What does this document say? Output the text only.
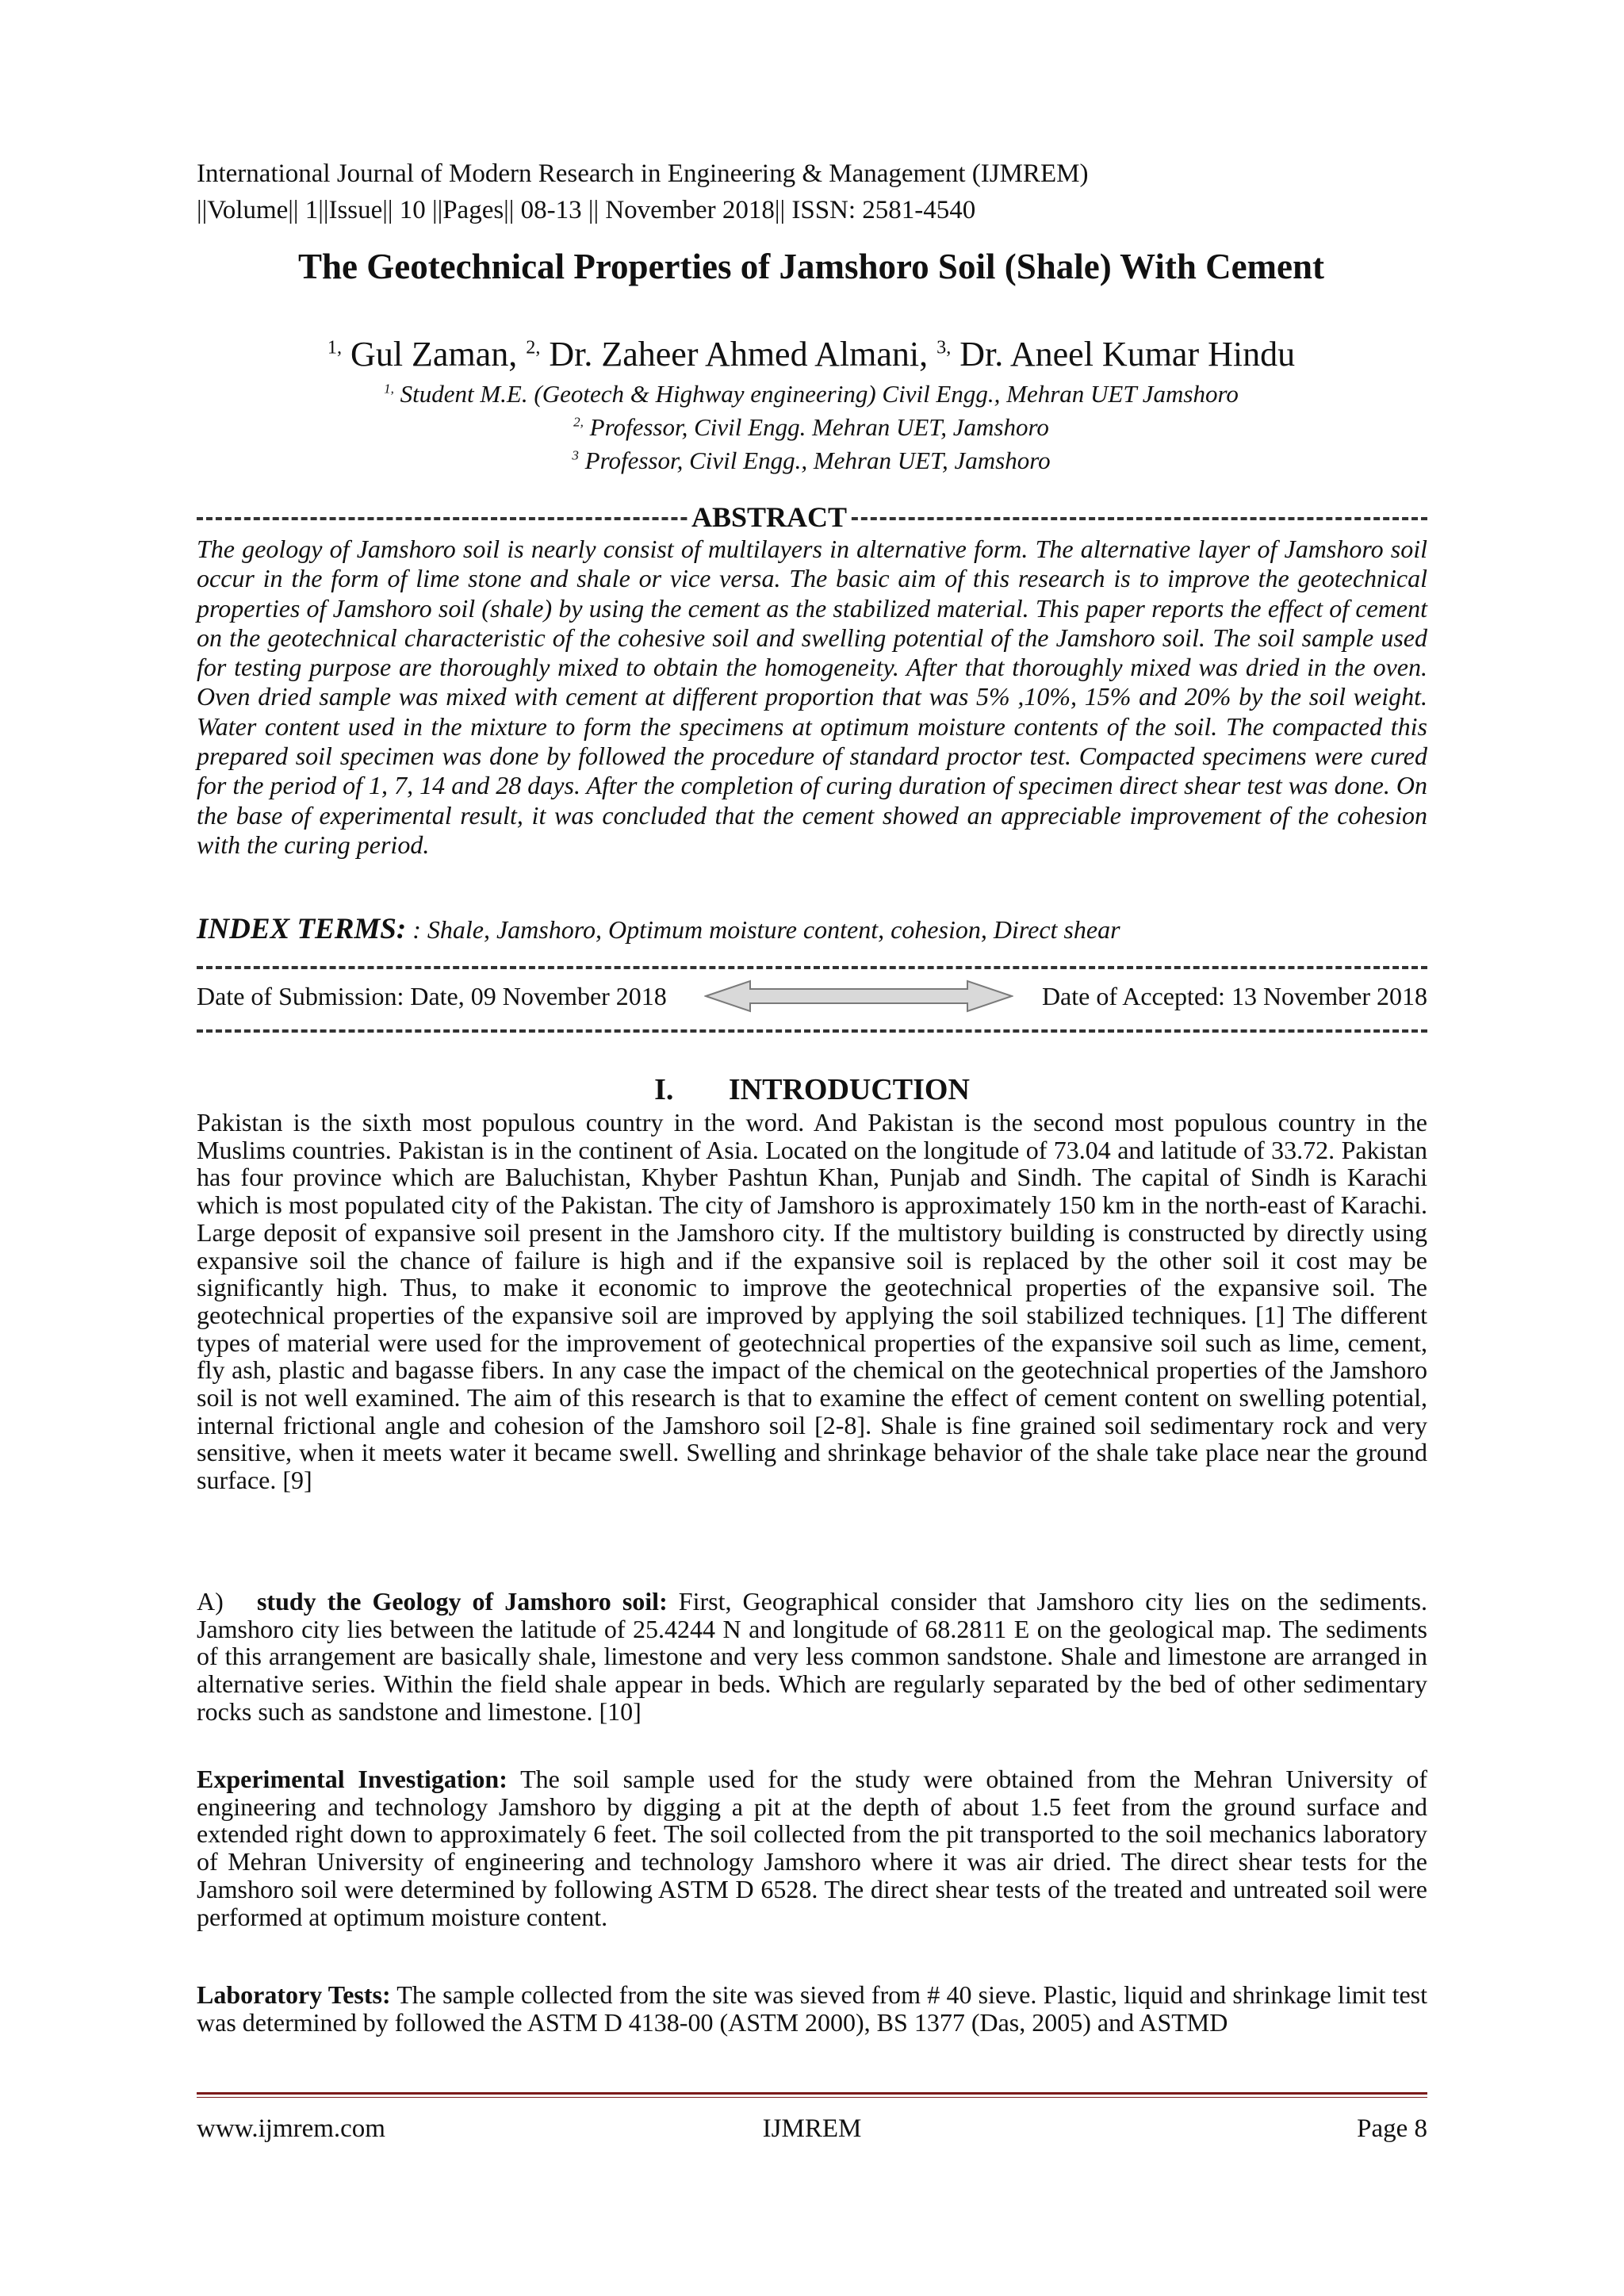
International Journal of Modern Research in Engineering & Management (IJMREM)
||Volume|| 1||Issue|| 10 ||Pages|| 08-13 || November 2018|| ISSN: 2581-4540
The Geotechnical Properties of Jamshoro Soil (Shale) With Cement
$^{1,}$ Gul Zaman, $^{2,}$ Dr. Zaheer Ahmed Almani, $^{3,}$ Dr. Aneel Kumar Hindu
$^{1,}$ Student M.E. (Geotech & Highway engineering) Civil Engg., Mehran UET Jamshoro
$^{2,}$ Professor, Civil Engg. Mehran UET, Jamshoro
$^3$ Professor, Civil Engg., Mehran UET, Jamshoro
ABSTRACT

The geology of Jamshoro soil is nearly consist of multilayers in alternative form. The alternative layer of Jamshoro soil occur in the form of lime stone and shale or vice versa. The basic aim of this research is to improve the geotechnical properties of Jamshoro soil (shale) by using the cement as the stabilized material. This paper reports the effect of cement on the geotechnical characteristic of the cohesive soil and swelling potential of the Jamshoro soil. The soil sample used for testing purpose are thoroughly mixed to obtain the homogeneity. After that thoroughly mixed was dried in the oven. Oven dried sample was mixed with cement at different proportion that was 5% ,10%, 15% and 20% by the soil weight. Water content used in the mixture to form the specimens at optimum moisture contents of the soil. The compacted this prepared soil specimen was done by followed the procedure of standard proctor test. Compacted specimens were cured for the period of 1, 7, 14 and 28 days. After the completion of curing duration of specimen direct shear test was done. On the base of experimental result, it was concluded that the cement showed an appreciable improvement of the cohesion with the curing period.

INDEX TERMS: : Shale, Jamshoro, Optimum moisture content, cohesion, Direct shear
Date of Submission: Date, 09 November 2018	Date of Accepted: 13 November 2018
I. INTRODUCTION

Pakistan is the sixth most populous country in the word. And Pakistan is the second most populous country in the Muslims countries. Pakistan is in the continent of Asia. Located on the longitude of 73.04 and latitude of 33.72. Pakistan has four province which are Baluchistan, Khyber Pashtun Khan, Punjab and Sindh. The capital of Sindh is Karachi which is most populated city of the Pakistan. The city of Jamshoro is approximately 150 km in the north-east of Karachi. Large deposit of expansive soil present in the Jamshoro city. If the multistory building is constructed by directly using expansive soil the chance of failure is high and if the expansive soil is replaced by the other soil it cost may be significantly high. Thus, to make it economic to improve the geotechnical properties of the expansive soil. The geotechnical properties of the expansive soil are improved by applying the soil stabilized techniques. [1] The different types of material were used for the improvement of geotechnical properties of the expansive soil such as lime, cement, fly ash, plastic and bagasse fibers. In any case the impact of the chemical on the geotechnical properties of the Jamshoro soil is not well examined. The aim of this research is that to examine the effect of cement content on swelling potential, internal frictional angle and cohesion of the Jamshoro soil [2-8]. Shale is fine grained soil sedimentary rock and very sensitive, when it meets water it became swell. Swelling and shrinkage behavior of the shale take place near the ground surface. [9]

A) study the Geology of Jamshoro soil: First, Geographical consider that Jamshoro city lies on the sediments. Jamshoro city lies between the latitude of 25.4244 N and longitude of 68.2811 E on the geological map. The sediments of this arrangement are basically shale, limestone and very less common sandstone. Shale and limestone are arranged in alternative series. Within the field shale appear in beds. Which are regularly separated by the bed of other sedimentary rocks such as sandstone and limestone. [10]

Experimental Investigation: The soil sample used for the study were obtained from the Mehran University of engineering and technology Jamshoro by digging a pit at the depth of about 1.5 feet from the ground surface and extended right down to approximately 6 feet. The soil collected from the pit transported to the soil mechanics laboratory of Mehran University of engineering and technology Jamshoro where it was air dried. The direct shear tests for the Jamshoro soil were determined by following ASTM D 6528. The direct shear tests of the treated and untreated soil were performed at optimum moisture content.

Laboratory Tests: The sample collected from the site was sieved from # 40 sieve. Plastic, liquid and shrinkage limit test was determined by followed the ASTM D 4138-00 (ASTM 2000), BS 1377 (Das, 2005) and ASTMD

www.ijmrem.com	IJMREM	Page 8
